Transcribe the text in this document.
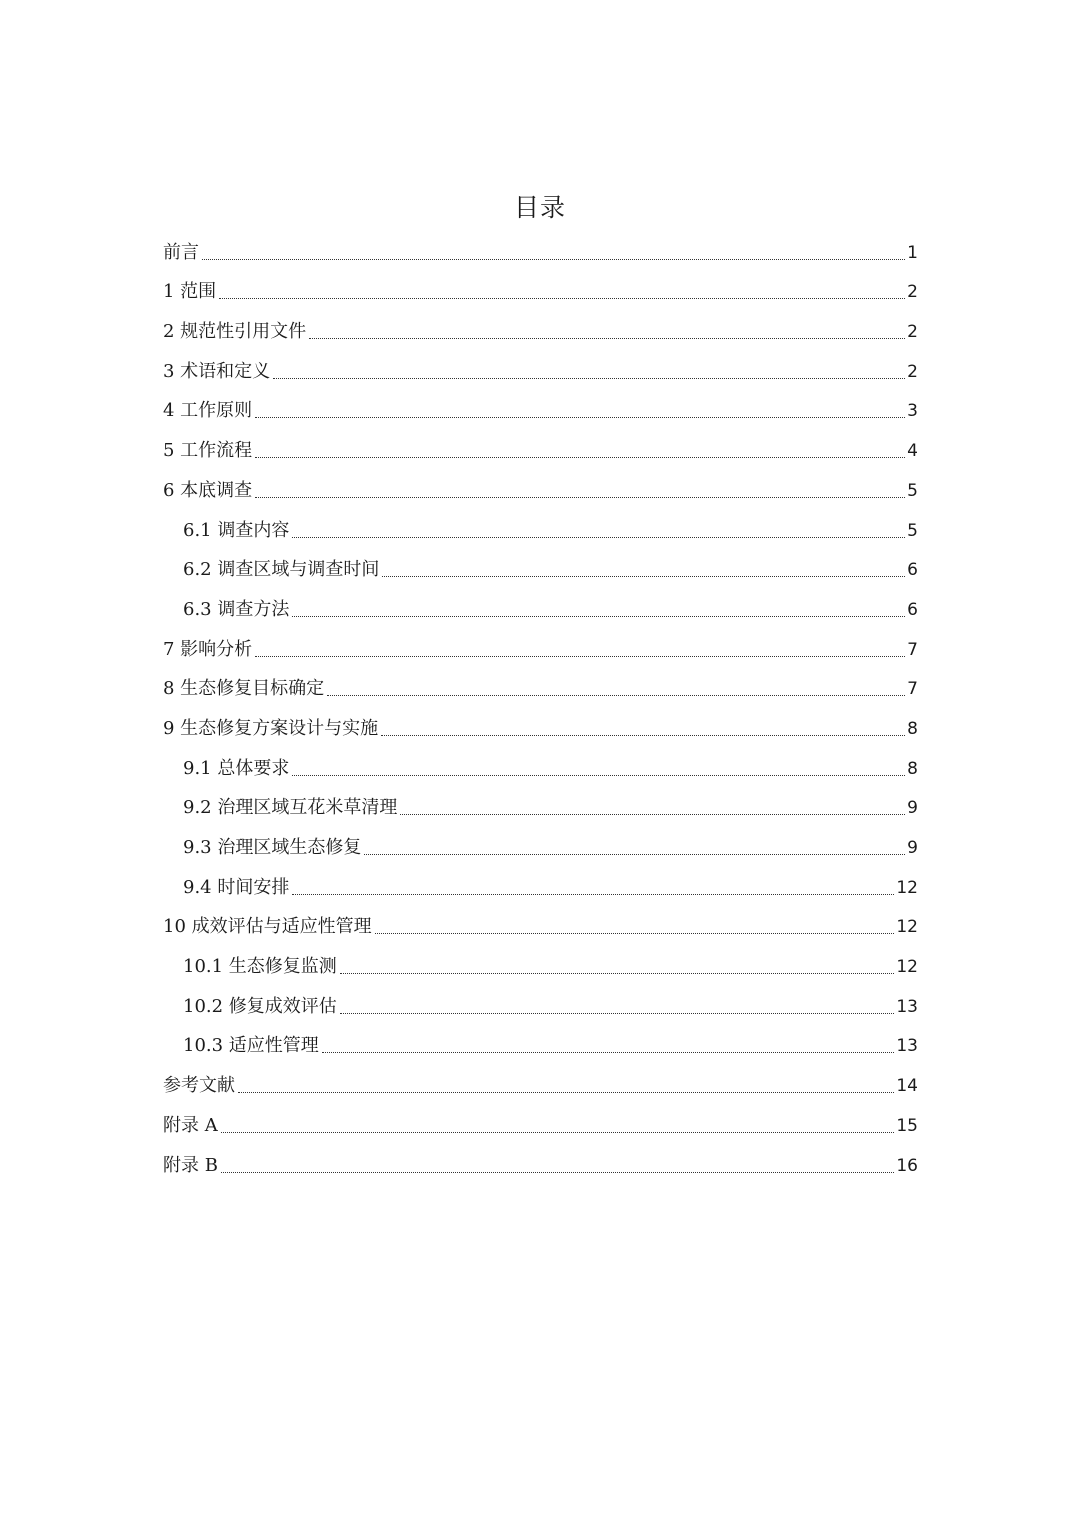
目录
前言	1
1 范围	2
2 规范性引用文件	2
3 术语和定义	2
4 工作原则	3
5 工作流程	4
6 本底调查	5
6.1 调查内容	5
6.2 调查区域与调查时间	6
6.3 调查方法	6
7 影响分析	7
8 生态修复目标确定	7
9 生态修复方案设计与实施	8
9.1 总体要求	8
9.2 治理区域互花米草清理	9
9.3 治理区域生态修复	9
9.4 时间安排	12
10 成效评估与适应性管理	12
10.1 生态修复监测	12
10.2 修复成效评估	13
10.3 适应性管理	13
参考文献	14
附录 A	15
附录 B	16
